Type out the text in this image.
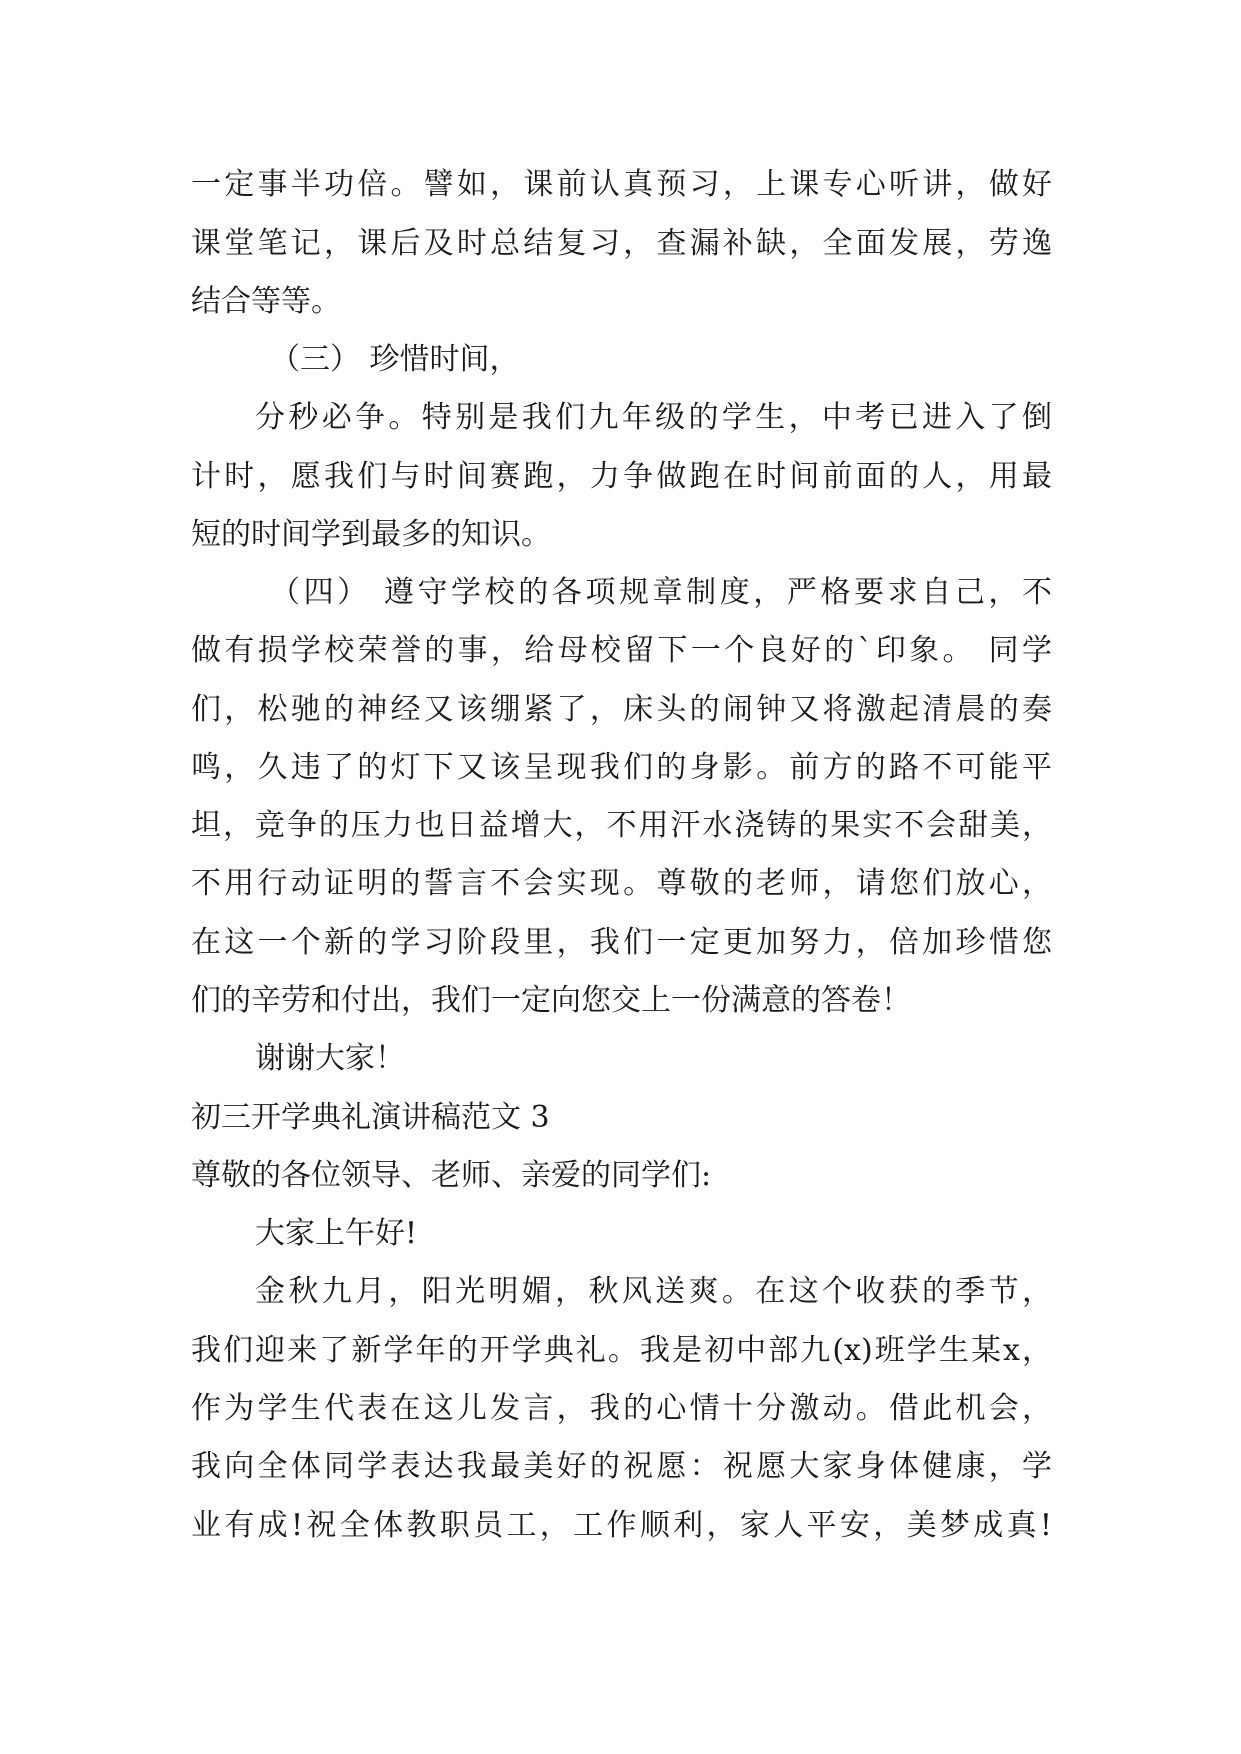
一定事半功倍。譬如，课前认真预习，上课专心听讲，做好
课堂笔记，课后及时总结复习，查漏补缺，全面发展，劳逸
结合等等。
（三） 珍惜时间，
分秒必争。特别是我们九年级的学生，中考已进入了倒
计时，愿我们与时间赛跑，力争做跑在时间前面的人，用最
短的时间学到最多的知识。
（四） 遵守学校的各项规章制度，严格要求自己，不
做有损学校荣誉的事，给母校留下一个良好的`印象。 同学
们，松驰的神经又该绷紧了，床头的闹钟又将激起清晨的奏
鸣，久违了的灯下又该呈现我们的身影。前方的路不可能平
坦，竞争的压力也日益增大，不用汗水浇铸的果实不会甜美，
不用行动证明的誓言不会实现。尊敬的老师，请您们放心，
在这一个新的学习阶段里，我们一定更加努力，倍加珍惜您
们的辛劳和付出，我们一定向您交上一份满意的答卷！
谢谢大家！
初三开学典礼演讲稿范文 3
尊敬的各位领导、老师、亲爱的同学们:
大家上午好!
金秋九月，阳光明媚，秋风送爽。在这个收获的季节，
我们迎来了新学年的开学典礼。我是初中部九(x)班学生某x，
作为学生代表在这儿发言，我的心情十分激动。借此机会，
我向全体同学表达我最美好的祝愿：祝愿大家身体健康，学
业有成!祝全体教职员工，工作顺利，家人平安，美梦成真!
